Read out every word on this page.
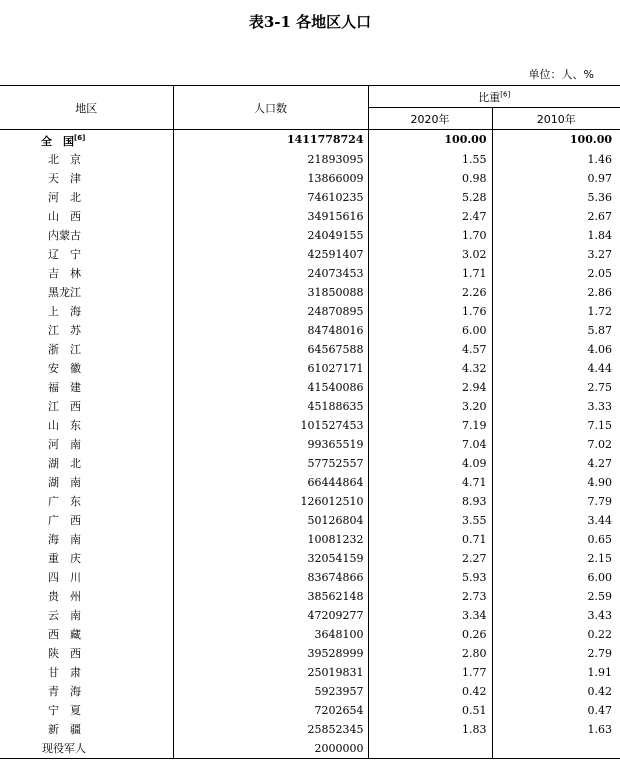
表3-1 各地区人口
单位：人、%
地区	人口数	比重[6]
		2020年	2010年
全　国[6]	1411778724	100.00	100.00
北　京	21893095	1.55	1.46
天　津	13866009	0.98	0.97
河　北	74610235	5.28	5.36
山　西	34915616	2.47	2.67
内蒙古	24049155	1.70	1.84
辽　宁	42591407	3.02	3.27
吉　林	24073453	1.71	2.05
黑龙江	31850088	2.26	2.86
上　海	24870895	1.76	1.72
江　苏	84748016	6.00	5.87
浙　江	64567588	4.57	4.06
安　徽	61027171	4.32	4.44
福　建	41540086	2.94	2.75
江　西	45188635	3.20	3.33
山　东	101527453	7.19	7.15
河　南	99365519	7.04	7.02
湖　北	57752557	4.09	4.27
湖　南	66444864	4.71	4.90
广　东	126012510	8.93	7.79
广　西	50126804	3.55	3.44
海　南	10081232	0.71	0.65
重　庆	32054159	2.27	2.15
四　川	83674866	5.93	6.00
贵　州	38562148	2.73	2.59
云　南	47209277	3.34	3.43
西　藏	3648100	0.26	0.22
陕　西	39528999	2.80	2.79
甘　肃	25019831	1.77	1.91
青　海	5923957	0.42	0.42
宁　夏	7202654	0.51	0.47
新　疆	25852345	1.83	1.63
现役军人	2000000		
